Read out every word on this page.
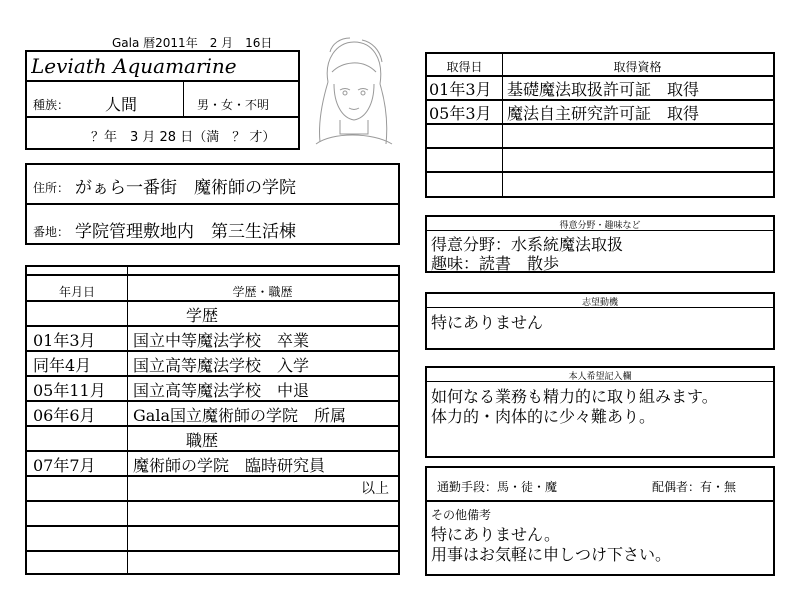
Gala 暦2011年　2 月　16日
Leviath Aquamarine
種族： 人間	男・女・不明
？年　3 月 28 日（満　？ 才）
住所： がぁら一番街　魔術師の学院
番地： 学院管理敷地内　第三生活棟
年月日	学歴・職歴
学歴
01年3月 国立中等魔法学校　卒業
同年4月	国立高等魔法学校　入学
05年11月 国立高等魔法学校　中退
06年6月 Gala国立魔術師の学院　所属
職歴
07年7月 魔術師の学院　臨時研究員
以上
取得日	取得資格
01年3月 基礎魔法取扱許可証　取得
05年3月 魔法自主研究許可証　取得
得意分野・趣味など
得意分野：水系統魔法取扱
趣味：読書　散歩
志望動機
特にありません
本人希望記入欄
如何なる業務も精力的に取り組みます。
体力的・肉体的に少々難あり。
通勤手段：馬・徒・魔	配偶者：有・無
その他備考
特にありません。
用事はお気軽に申しつけ下さい。
